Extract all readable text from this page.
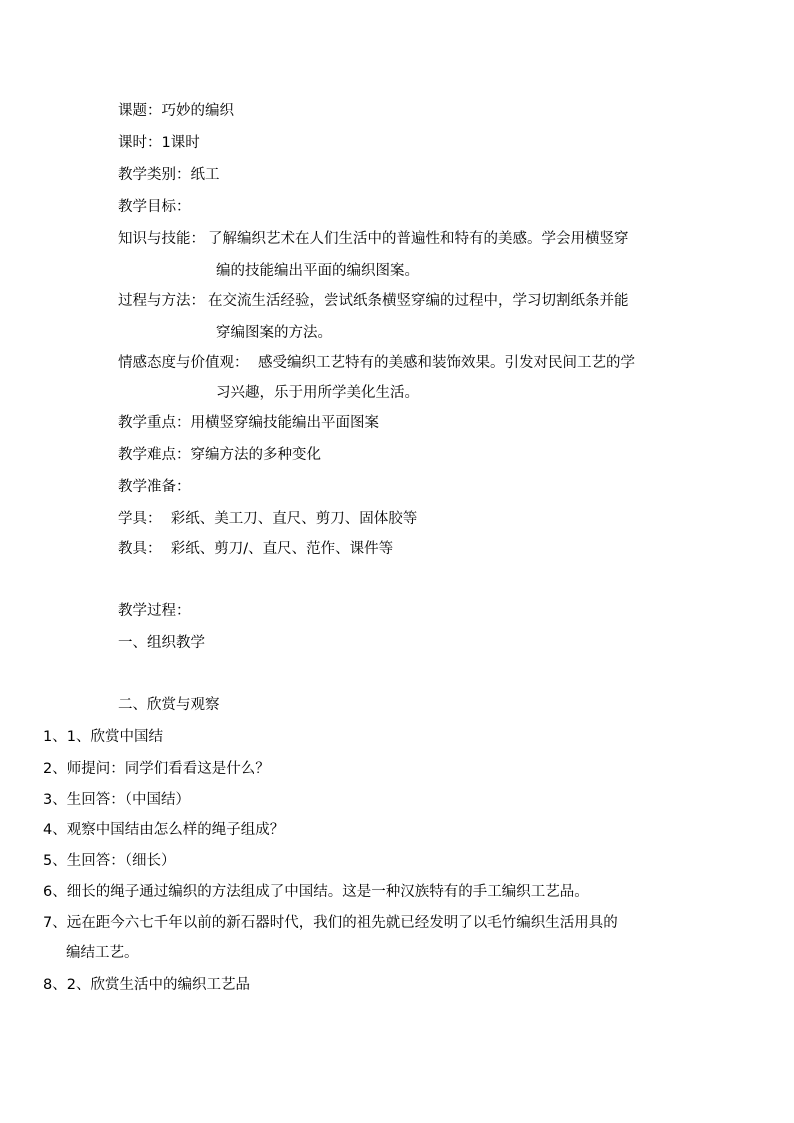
课题：巧妙的编织
课时：1课时
教学类别：纸工
教学目标：
知识与技能： 了解编织艺术在人们生活中的普遍性和特有的美感。学会用横竖穿
编的技能编出平面的编织图案。
过程与方法： 在交流生活经验，尝试纸条横竖穿编的过程中，学习切割纸条并能
穿编图案的方法。
情感态度与价值观： 感受编织工艺特有的美感和装饰效果。引发对民间工艺的学
习兴趣，乐于用所学美化生活。
教学重点：用横竖穿编技能编出平面图案
教学难点：穿编方法的多种变化
教学准备：
学具：  彩纸、美工刀、直尺、剪刀、固体胶等
教具：  彩纸、剪刀/、直尺、范作、课件等
教学过程：
一、组织教学
二、欣赏与观察
1、1、欣赏中国结
2、师提问：同学们看看这是什么？
3、生回答：（中国结）
4、观察中国结由怎么样的绳子组成？
5、生回答：（细长）
6、细长的绳子通过编织的方法组成了中国结。这是一种汉族特有的手工编织工艺品。
7、远在距今六七千年以前的新石器时代，我们的祖先就已经发明了以毛竹编织生活用具的
编结工艺。
8、2、欣赏生活中的编织工艺品
